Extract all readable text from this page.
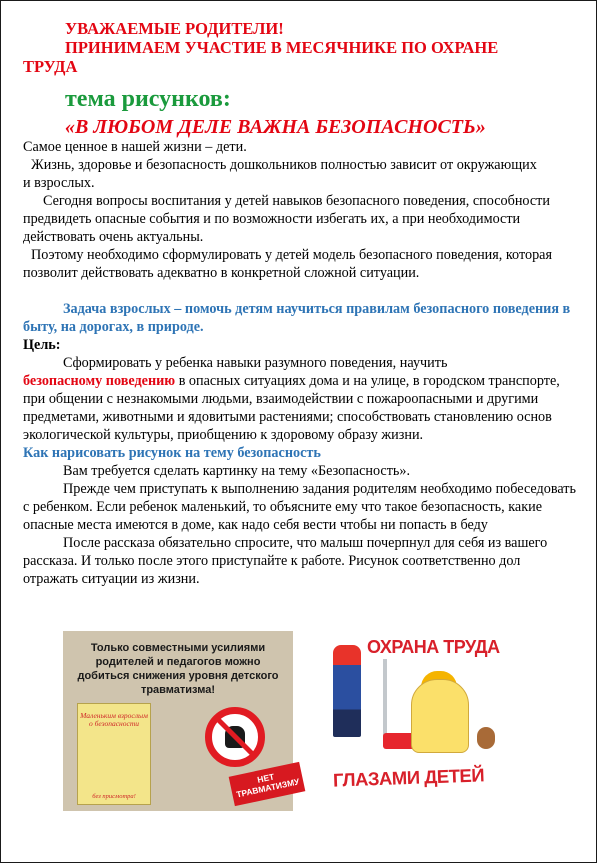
УВАЖАЕМЫЕ РОДИТЕЛИ!
ПРИНИМАЕМ УЧАСТИЕ В МЕСЯЧНИКЕ ПО ОХРАНЕ
ТРУДА
тема рисунков:
«В ЛЮБОМ ДЕЛЕ ВАЖНА БЕЗОПАСНОСТЬ»

Самое ценное в нашей жизни – дети.

Жизнь, здоровье и безопасность дошкольников полностью зависит от окружающих

и взрослых.

Сегодня вопросы воспитания у детей навыков безопасного поведения, способности предвидеть опасные события и по возможности избегать их, а при необходимости действовать очень актуальны.

Поэтому необходимо сформулировать у детей модель безопасного поведения, которая позволит действовать адекватно в конкретной сложной ситуации.

Задача взрослых – помочь детям научиться правилам безопасного поведения в быту, на дорогах, в природе.

Цель:

Сформировать у ребенка навыки разумного поведения, научить
безопасному поведению в опасных ситуациях дома и на улице, в городском транспорте, при общении с незнакомыми людьми, взаимодействии с пожароопасными и другими предметами, животными и ядовитыми растениями; способствовать становлению основ экологической культуры, приобщению к здоровому образу жизни.

Как нарисовать рисунок на тему безопасность

Вам требуется сделать картинку на тему «Безопасность».

Прежде чем приступать к выполнению задания родителям необходимо побеседовать с ребенком. Если ребенок маленький, то объясните ему что такое безопасность, какие опасные места имеются в доме, как надо себя вести чтобы ни попасть в беду

После рассказа обязательно спросите, что малыш почерпнул для себя из вашего рассказа. И только после этого приступайте к работе. Рисунок соответственно дол отражать ситуации из жизни.

Только совместными усилиями родителей и педагогов можно добиться снижения уровня детского травматизма!
Маленьким взрослым о безопасности
без присмотра!
НЕТ ТРАВМАТИЗМУ
ОХРАНА ТРУДА
ГЛАЗАМИ ДЕТЕЙ
